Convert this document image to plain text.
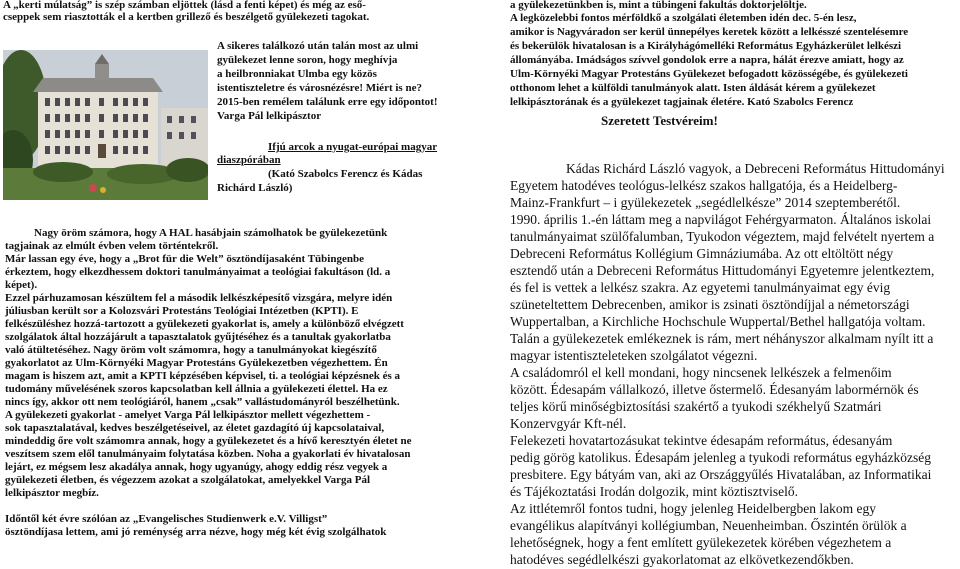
A „kerti múlatság” is szép számban eljöttek (lásd a fenti képet) és még az eső-
cseppek sem riasztották el a kertben grillező és beszélgető gyülekezeti tagokat.
A sikeres találkozó után talán most az ulmi
gyülekezet lenne soron, hogy meghívja
a heilbronniakat Ulmba egy közös
istentiszteletre és városnézésre! Miért is ne?
2015-ben remélem találunk erre egy időpontot!
Varga Pál lelkipásztor
Ifjú arcok a nyugat-európai magyar
diaszpórában
(Kató Szabolcs Ferencz és Kádas
Richárd László)
Nagy öröm számora, hogy A HAL hasábjain számolhatok be gyülekezetünk
tagjainak az elmúlt évben velem történtekről.
Már lassan egy éve, hogy a „Brot für die Welt” ösztöndíjasaként Tübingenbe
érkeztem, hogy elkezdhessem doktori tanulmányaimat a teológiai fakultáson (ld. a
képet).
Ezzel párhuzamosan készültem fel a második lelkészképesítő vizsgára, melyre idén
júliusban került sor a Kolozsvári Protestáns Teológiai Intézetben (KPTI). E
felkészüléshez hozzá-tartozott a gyülekezeti gyakorlat is, amely a különböző elvégzett
szolgálatok által hozzájárult a tapasztalatok gyűjtéséhez és a tanultak gyakorlatba
való átültetéséhez. Nagy öröm volt számomra, hogy a tanulmányokat kiegészítő
gyakorlatot az Ulm-Környéki Magyar Protestáns Gyülekezetben végezhettem. Én
magam is hiszem azt, amit a KPTI képzésében képvisel, ti. a teológiai képzésnek és a
tudomány művelésének szoros kapcsolatban kell állnia a gyülekezeti élettel. Ha ez
nincs így, akkor ott nem teológiáról, hanem „csak” vallástudományról beszélhetünk.
A gyülekezeti gyakorlat - amelyet Varga Pál lelkipásztor mellett végezhettem -
sok tapasztalatával, kedves beszélgetéseivel, az életet gazdagító új kapcsolataival,
mindeddig őre volt számomra annak, hogy a gyülekezetet és a hívő keresztyén életet ne
veszítsem szem elől tanulmányaim folytatása közben. Noha a gyakorlati év hivatalosan
lejárt, ez mégsem lesz akadálya annak, hogy ugyanúgy, ahogy eddig rész vegyek a
gyülekezeti életben, és végezzem azokat a szolgálatokat, amelyekkel Varga Pál
lelkipásztor megbíz.
Időntől két évre szólóan az „Evangelisches Studienwerk e.V. Villigst”
ösztöndíjasa lettem, ami jó reménység arra nézve, hogy még két évig szolgálhatok
a gyülekezetünkben is, mint a tübingeni fakultás doktorjelöltje.
A legközelebbi fontos mérföldkő a szolgálati életemben idén dec. 5-én lesz,
amikor is Nagyváradon ser kerül ünnepélyes keretek között a lelkésszé szentelésemre
és bekerülök hivatalosan is a Királyhágómelléki Református Egyházkerület lelkészi
állományába. Imádságos szívvel gondolok erre a napra, hálát érezve amiatt, hogy az
Ulm-Környéki Magyar Protestáns Gyülekezet befogadott közösségébe, és gyülekezeti
otthonom lehet a külföldi tanulmányok alatt. Isten áldását kérem a gyülekezet
lelkipásztorának és a gyülekezet tagjainak életére. Kató Szabolcs Ferencz
Szeretett Testvéreim!
Kádas Richárd László vagyok, a Debreceni Református Hittudományi
Egyetem hatodéves teológus-lelkész szakos hallgatója, és a Heidelberg-
Mainz-Frankfurt – i gyülekezetek „segédlelkésze” 2014 szeptemberétől.
1990. április 1.-én láttam meg a napvilágot Fehérgyarmaton. Általános iskolai
tanulmányaimat szülőfalumban, Tyukodon végeztem, majd felvételt nyertem a
Debreceni Református Kollégium Gimnáziumába. Az ott eltöltött négy
esztendő után a Debreceni Református Hittudományi Egyetemre jelentkeztem,
és fel is vettek a lelkész szakra. Az egyetemi tanulmányaimat egy évig
szüneteltettem Debrecenben, amikor is zsinati ösztöndíjjal a németországi
Wuppertalban, a Kirchliche Hochschule Wuppertal/Bethel hallgatója voltam.
Talán a gyülekezetek emlékeznek is rám, mert néhányszor alkalmam nyílt itt a
magyar istentiszteleteken szolgálatot végezni.
A családomról el kell mondani, hogy nincsenek lelkészek a felmenőim
között. Édesapám vállalkozó, illetve őstermelő. Édesanyám labormérnök és
teljes körű minőségbiztosítási szakértő a tyukodi székhelyű Szatmári
Konzervgyár Kft-nél.
Felekezeti hovatartozásukat tekintve édesapám református, édesanyám
pedig görög katolikus. Édesapám jelenleg a tyukodi református egyházközség
presbitere. Egy bátyám van, aki az Országgyűlés Hivatalában, az Informatikai
és Tájékoztatási Irodán dolgozik, mint köztisztviselő.
Az ittlétemről fontos tudni, hogy jelenleg Heidelbergben lakom egy
evangélikus alapítványi kollégiumban, Neuenheimban. Őszintén örülök a
lehetőségnek, hogy a fent említett gyülekezetek körében végezhetem a
hatodéves segédlelkészi gyakorlatomat az elkövetkezendőkben.
